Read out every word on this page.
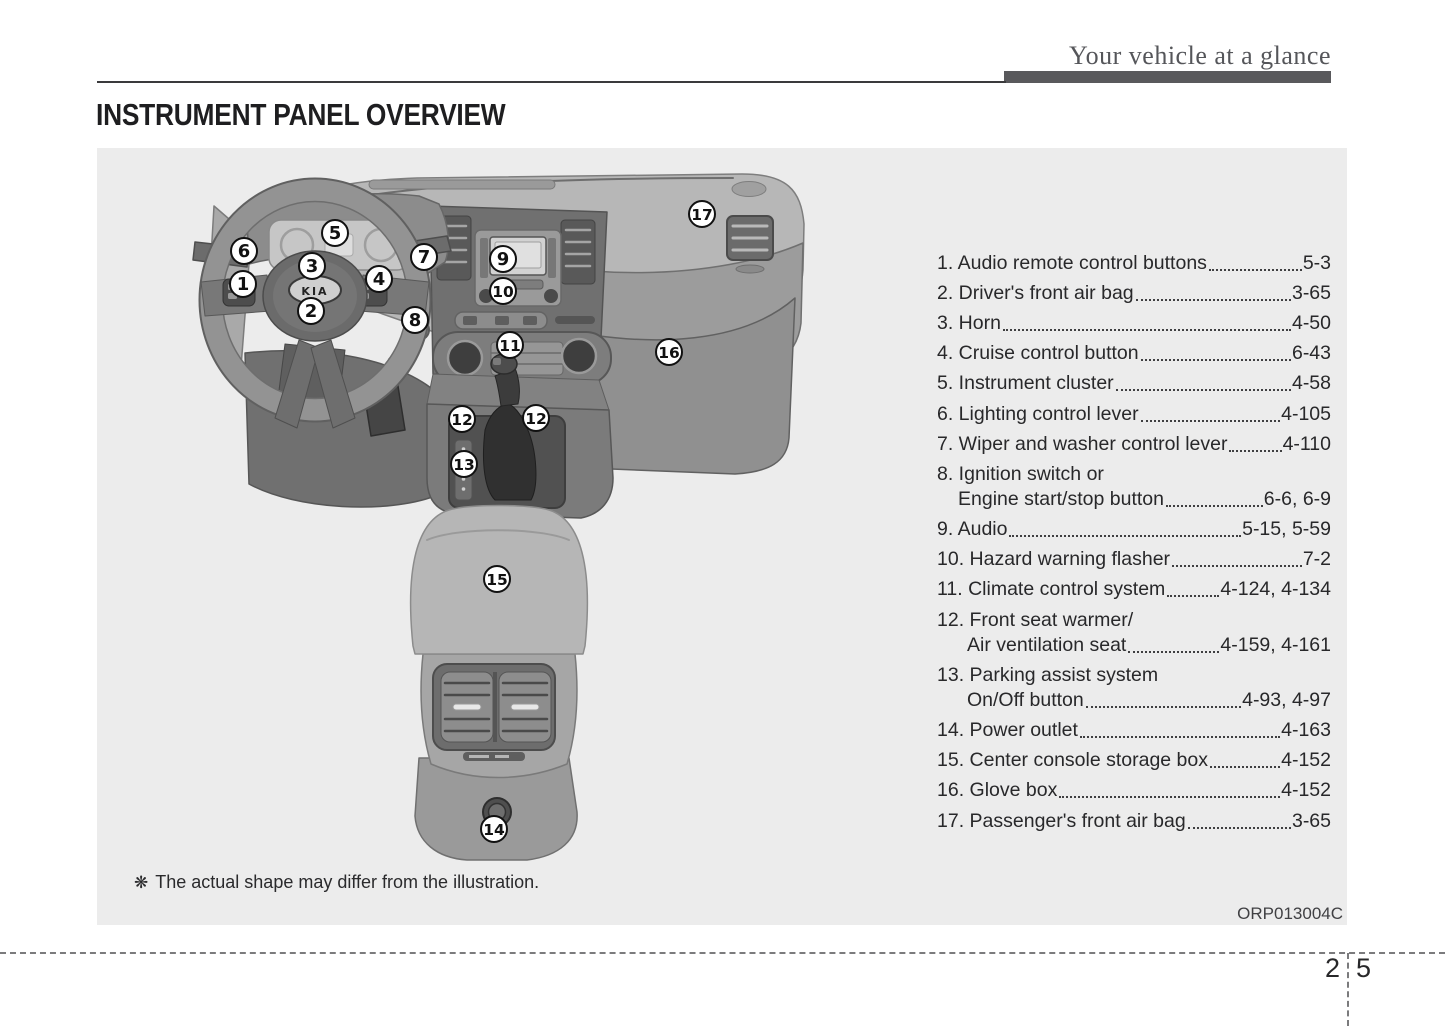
Your vehicle at a glance
INSTRUMENT PANEL OVERVIEW
KIA
1
2
3
4
5
6	7
8
9
10
11
12	12
13
14
15
16
17
1. Audio remote control buttons	5-3
2. Driver's front air bag	3-65
3. Horn	4-50
4. Cruise control button	6-43
5. Instrument cluster	4-58
6. Lighting control lever	4-105
7. Wiper and washer control lever	4-110
8. Ignition switch or
Engine start/stop button	6-6, 6-9
9. Audio	5-15, 5-59
10. Hazard warning flasher	7-2
11. Climate control system	4-124, 4-134
12. Front seat warmer/
Air ventilation seat	4-159, 4-161
13. Parking assist system
On/Off button	4-93, 4-97
14. Power outlet	4-163
15. Center console storage box	4-152
16. Glove box	4-152
17. Passenger's front air bag	3-65
❋ The actual shape may differ from the illustration.
ORP013004C
2 5
